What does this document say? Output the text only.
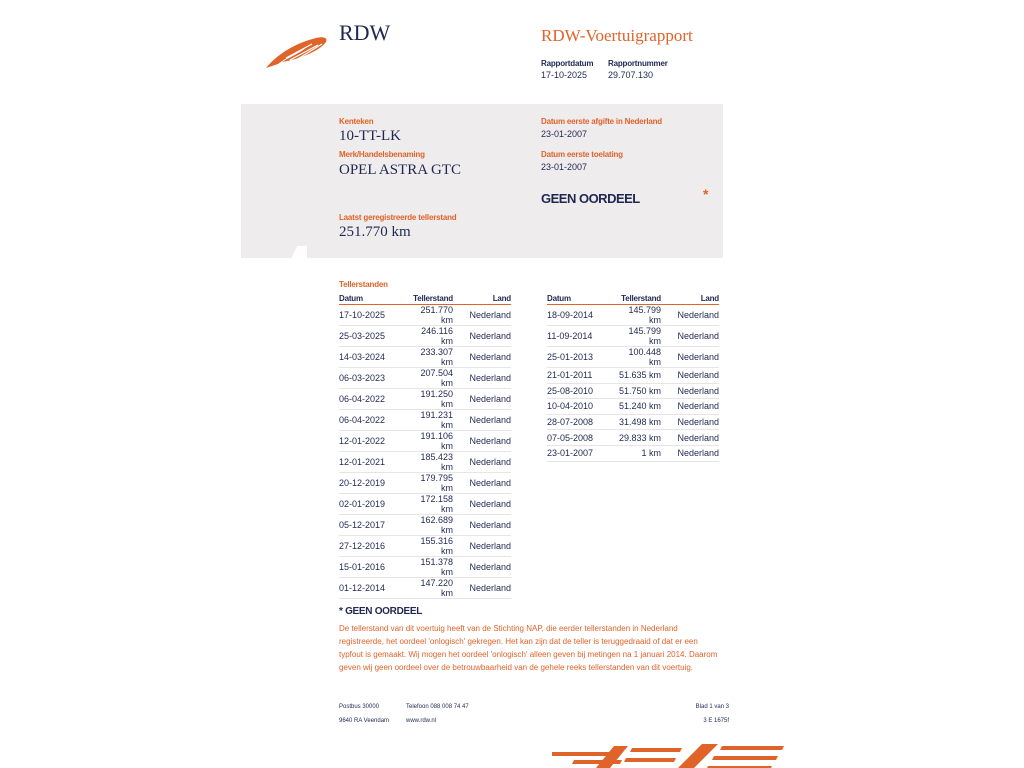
RDW	RDW-Voertuigrapport
Rapportdatum
17-10-2025
Rapportnummer
29.707.130
Kenteken
10-TT-LK
Merk/Handelsbenaming
OPEL ASTRA GTC
Datum eerste afgifte in Nederland
23-01-2007
Datum eerste toelating
23-01-2007
GEEN OORDEEL	*
Laatst geregistreerde tellerstand
251.770 km
Tellerstanden
Datum	Tellerstand	Land
17-10-2025	251.770 km	Nederland
25-03-2025	246.116 km	Nederland
14-03-2024	233.307 km	Nederland
06-03-2023	207.504 km	Nederland
06-04-2022	191.250 km	Nederland
06-04-2022	191.231 km	Nederland
12-01-2022	191.106 km	Nederland
12-01-2021	185.423 km	Nederland
20-12-2019	179.795 km	Nederland
02-01-2019	172.158 km	Nederland
05-12-2017	162.689 km	Nederland
27-12-2016	155.316 km	Nederland
15-01-2016	151.378 km	Nederland
01-12-2014	147.220 km	Nederland
Datum	Tellerstand	Land
18-09-2014	145.799 km	Nederland
11-09-2014	145.799 km	Nederland
25-01-2013	100.448 km	Nederland
21-01-2011	51.635 km	Nederland
25-08-2010	51.750 km	Nederland
10-04-2010	51.240 km	Nederland
28-07-2008	31.498 km	Nederland
07-05-2008	29.833 km	Nederland
23-01-2007	1 km	Nederland
* GEEN OORDEEL
De tellerstand van dit voertuig heeft van de Stichting NAP, die eerder tellerstanden in Nederland
registreerde, het oordeel 'onlogisch' gekregen. Het kan zijn dat de teller is teruggedraaid of dat er een
typfout is gemaakt. Wij mogen het oordeel 'onlogisch' alleen geven bij metingen na 1 januari 2014. Daarom
geven wij geen oordeel over de betrouwbaarheid van de gehele reeks tellerstanden van dit voertuig.
Postbus 30000
9640 RA Veendam
Telefoon 088 008 74 47
www.rdw.nl
Blad 1 van 3
3 E 1675f
